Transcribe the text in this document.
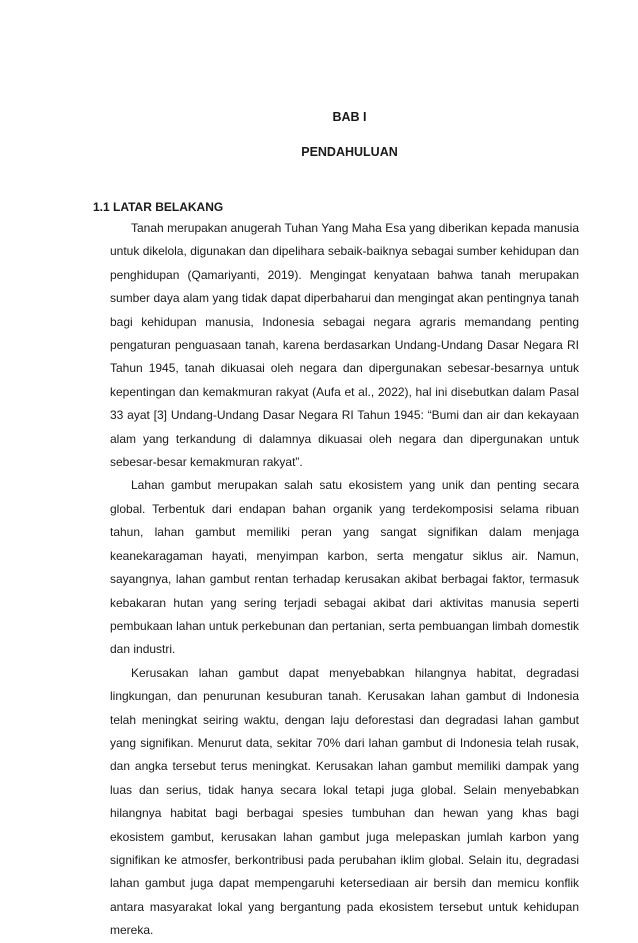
BAB I
PENDAHULUAN
1.1 LATAR BELAKANG

Tanah merupakan anugerah Tuhan Yang Maha Esa yang diberikan kepada manusia untuk dikelola, digunakan dan dipelihara sebaik-baiknya sebagai sumber kehidupan dan penghidupan (Qamariyanti, 2019). Mengingat kenyataan bahwa tanah merupakan sumber daya alam yang tidak dapat diperbaharui dan mengingat akan pentingnya tanah bagi kehidupan manusia, Indonesia sebagai negara agraris memandang penting pengaturan penguasaan tanah, karena berdasarkan Undang-Undang Dasar Negara RI Tahun 1945, tanah dikuasai oleh negara dan dipergunakan sebesar-besarnya untuk kepentingan dan kemakmuran rakyat (Aufa et al., 2022), hal ini disebutkan dalam Pasal 33 ayat [3] Undang-Undang Dasar Negara RI Tahun 1945: “Bumi dan air dan kekayaan alam yang terkandung di dalamnya dikuasai oleh negara dan dipergunakan untuk sebesar-besar kemakmuran rakyat”.

Lahan gambut merupakan salah satu ekosistem yang unik dan penting secara global. Terbentuk dari endapan bahan organik yang terdekomposisi selama ribuan tahun, lahan gambut memiliki peran yang sangat signifikan dalam menjaga keanekaragaman hayati, menyimpan karbon, serta mengatur siklus air. Namun, sayangnya, lahan gambut rentan terhadap kerusakan akibat berbagai faktor, termasuk kebakaran hutan yang sering terjadi sebagai akibat dari aktivitas manusia seperti pembukaan lahan untuk perkebunan dan pertanian, serta pembuangan limbah domestik dan industri.

Kerusakan lahan gambut dapat menyebabkan hilangnya habitat, degradasi lingkungan, dan penurunan kesuburan tanah. Kerusakan lahan gambut di Indonesia telah meningkat seiring waktu, dengan laju deforestasi dan degradasi lahan gambut yang signifikan. Menurut data, sekitar 70% dari lahan gambut di Indonesia telah rusak, dan angka tersebut terus meningkat. Kerusakan lahan gambut memiliki dampak yang luas dan serius, tidak hanya secara lokal tetapi juga global. Selain menyebabkan hilangnya habitat bagi berbagai spesies tumbuhan dan hewan yang khas bagi ekosistem gambut, kerusakan lahan gambut juga melepaskan jumlah karbon yang signifikan ke atmosfer, berkontribusi pada perubahan iklim global. Selain itu, degradasi lahan gambut juga dapat mempengaruhi ketersediaan air bersih dan memicu konflik antara masyarakat lokal yang bergantung pada ekosistem tersebut untuk kehidupan mereka.
